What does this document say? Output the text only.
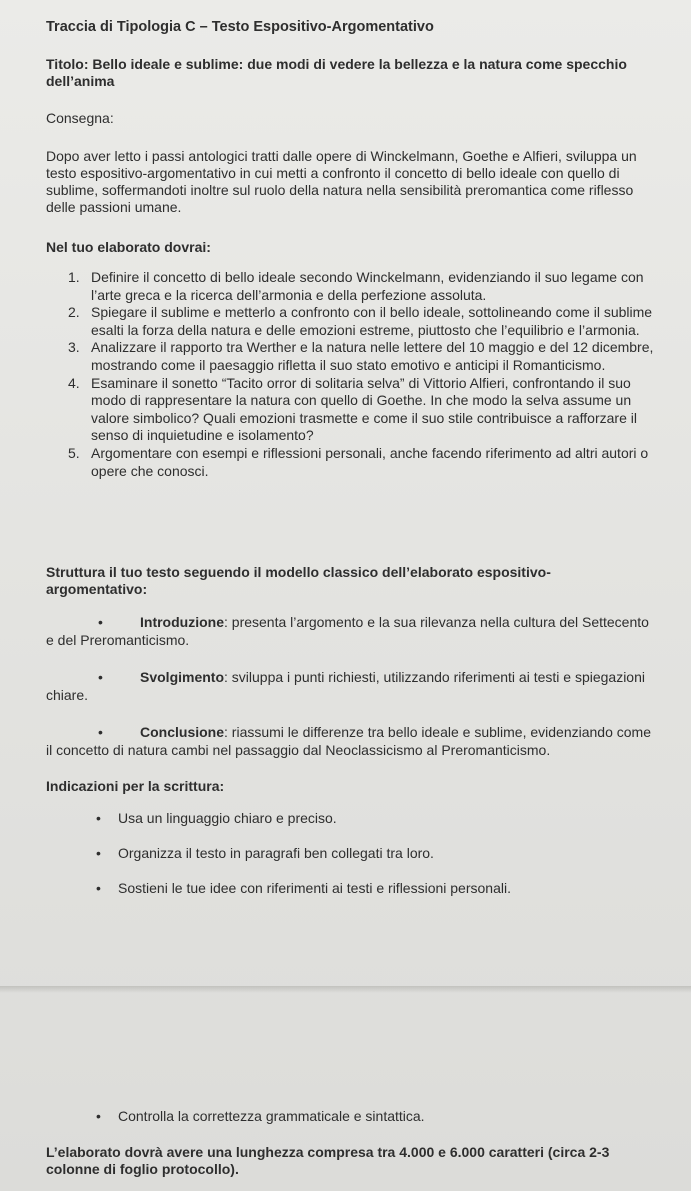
Traccia di Tipologia C – Testo Espositivo-Argomentativo
Titolo: Bello ideale e sublime: due modi di vedere la bellezza e la natura come specchio dell’anima
Consegna:
Dopo aver letto i passi antologici tratti dalle opere di Winckelmann, Goethe e Alfieri, sviluppa un testo espositivo-argomentativo in cui metti a confronto il concetto di bello ideale con quello di sublime, soffermandoti inoltre sul ruolo della natura nella sensibilità preromantica come riflesso delle passioni umane.
Nel tuo elaborato dovrai:
1. Definire il concetto di bello ideale secondo Winckelmann, evidenziando il suo legame con l’arte greca e la ricerca dell’armonia e della perfezione assoluta.
2. Spiegare il sublime e metterlo a confronto con il bello ideale, sottolineando come il sublime esalti la forza della natura e delle emozioni estreme, piuttosto che l’equilibrio e l’armonia.
3. Analizzare il rapporto tra Werther e la natura nelle lettere del 10 maggio e del 12 dicembre, mostrando come il paesaggio rifletta il suo stato emotivo e anticipi il Romanticismo.
4. Esaminare il sonetto “Tacito orror di solitaria selva” di Vittorio Alfieri, confrontando il suo modo di rappresentare la natura con quello di Goethe. In che modo la selva assume un valore simbolico? Quali emozioni trasmette e come il suo stile contribuisce a rafforzare il senso di inquietudine e isolamento?
5. Argomentare con esempi e riflessioni personali, anche facendo riferimento ad altri autori o opere che conosci.
Struttura il tuo testo seguendo il modello classico dell’elaborato espositivo-argomentativo:
•	Introduzione: presenta l’argomento e la sua rilevanza nella cultura del Settecento e del Preromanticismo.
•	Svolgimento: sviluppa i punti richiesti, utilizzando riferimenti ai testi e spiegazioni chiare.
•	Conclusione: riassumi le differenze tra bello ideale e sublime, evidenziando come il concetto di natura cambi nel passaggio dal Neoclassicismo al Preromanticismo.
Indicazioni per la scrittura:
• Usa un linguaggio chiaro e preciso.
• Organizza il testo in paragrafi ben collegati tra loro.
• Sostieni le tue idee con riferimenti ai testi e riflessioni personali.
• Controlla la correttezza grammaticale e sintattica.
L’elaborato dovrà avere una lunghezza compresa tra 4.000 e 6.000 caratteri (circa 2-3 colonne di foglio protocollo).
